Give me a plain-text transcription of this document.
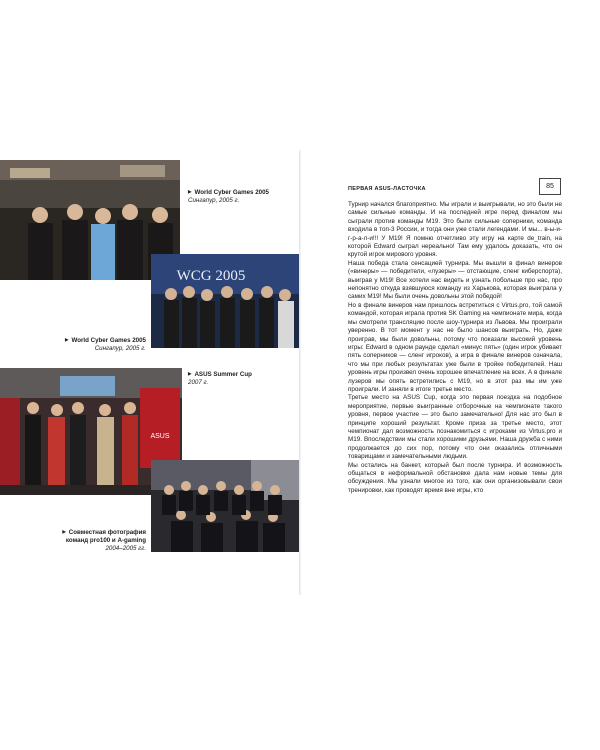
WCG 2005
ASUS
▶ World Cyber Games 2005
Сингапур, 2005 г.
▶ World Cyber Games 2005
Сингапур, 2005 г.
▶ ASUS Summer Cup
2007 г.
▶ Совместная фотография команд pro100 и A-gaming
2004–2005 гг.
ПЕРВАЯ ASUS-ЛАСТОЧКА	85

Турнир начался благоприятно. Мы играли и выигрывали, но это были не самые сильные команды. И на последней игре перед финалом мы сыграли против команды M19. Это были сильные соперники, команда входила в топ-3 России, и тогда они уже стали легендами. И мы... в-ы-и-г-р-а-л-и!!! У M19! Я помню отчетливо эту игру на карте de_train, на которой Edward сыграл нереально! Там ему удалось доказать, что он крутой игрок мирового уровня.

Наша победа стала сенсацией турнира. Мы вышли в финал винеров («винеры» — победители, «лузеры» — отстающие, сленг киберспорта), выиграв у M19! Все хотели нас видеть и узнать побольше про нас, про непонятно откуда взявшуюся команду из Харькова, которая выиграла у самих M19! Мы были очень довольны этой победой!

Но в финале винеров нам пришлось встретиться с Virtus.pro, той самой командой, которая играла против SK Gaming на чемпионате мира, когда мы смотрели трансляцию после шоу-турнира из Львова. Мы проиграли уверенно. В тот момент у нас не было шансов выиграть. Но, даже проиграв, мы были довольны, потому что показали высокий уровень игры: Edward в одном раунде сделал «минус пять» (один игрок убивает пять соперников — сленг игроков), а игра в финале винеров означала, что мы при любых результатах уже были в тройке победителей. Наш уровень игры произвел очень хорошее впечатление на всех. А в финале лузеров мы опять встретились с M19, но в этот раз мы им уже проиграли. И заняли в итоге третье место.

Третье место на ASUS Cup, когда это первая поездка на подобное мероприятие, первые выигранные отборочные на чемпионате такого уровня, первое участие — это было замечательно! Для нас это был в принципе хороший результат. Кроме приза за третье место, этот чемпионат дал возможность познакомиться с игроками из Virtus.pro и M19. Впоследствии мы стали хорошими друзьями. Наша дружба с ними продолжается до сих пор, потому что они оказались отличными товарищами и замечательными людьми.

Мы остались на банкет, который был после турнира. И возможность общаться в неформальной обстановке дала нам новые темы для обсуждения. Мы узнали многое из того, как они организовывали свои тренировки, как проводят время вне игры, кто
